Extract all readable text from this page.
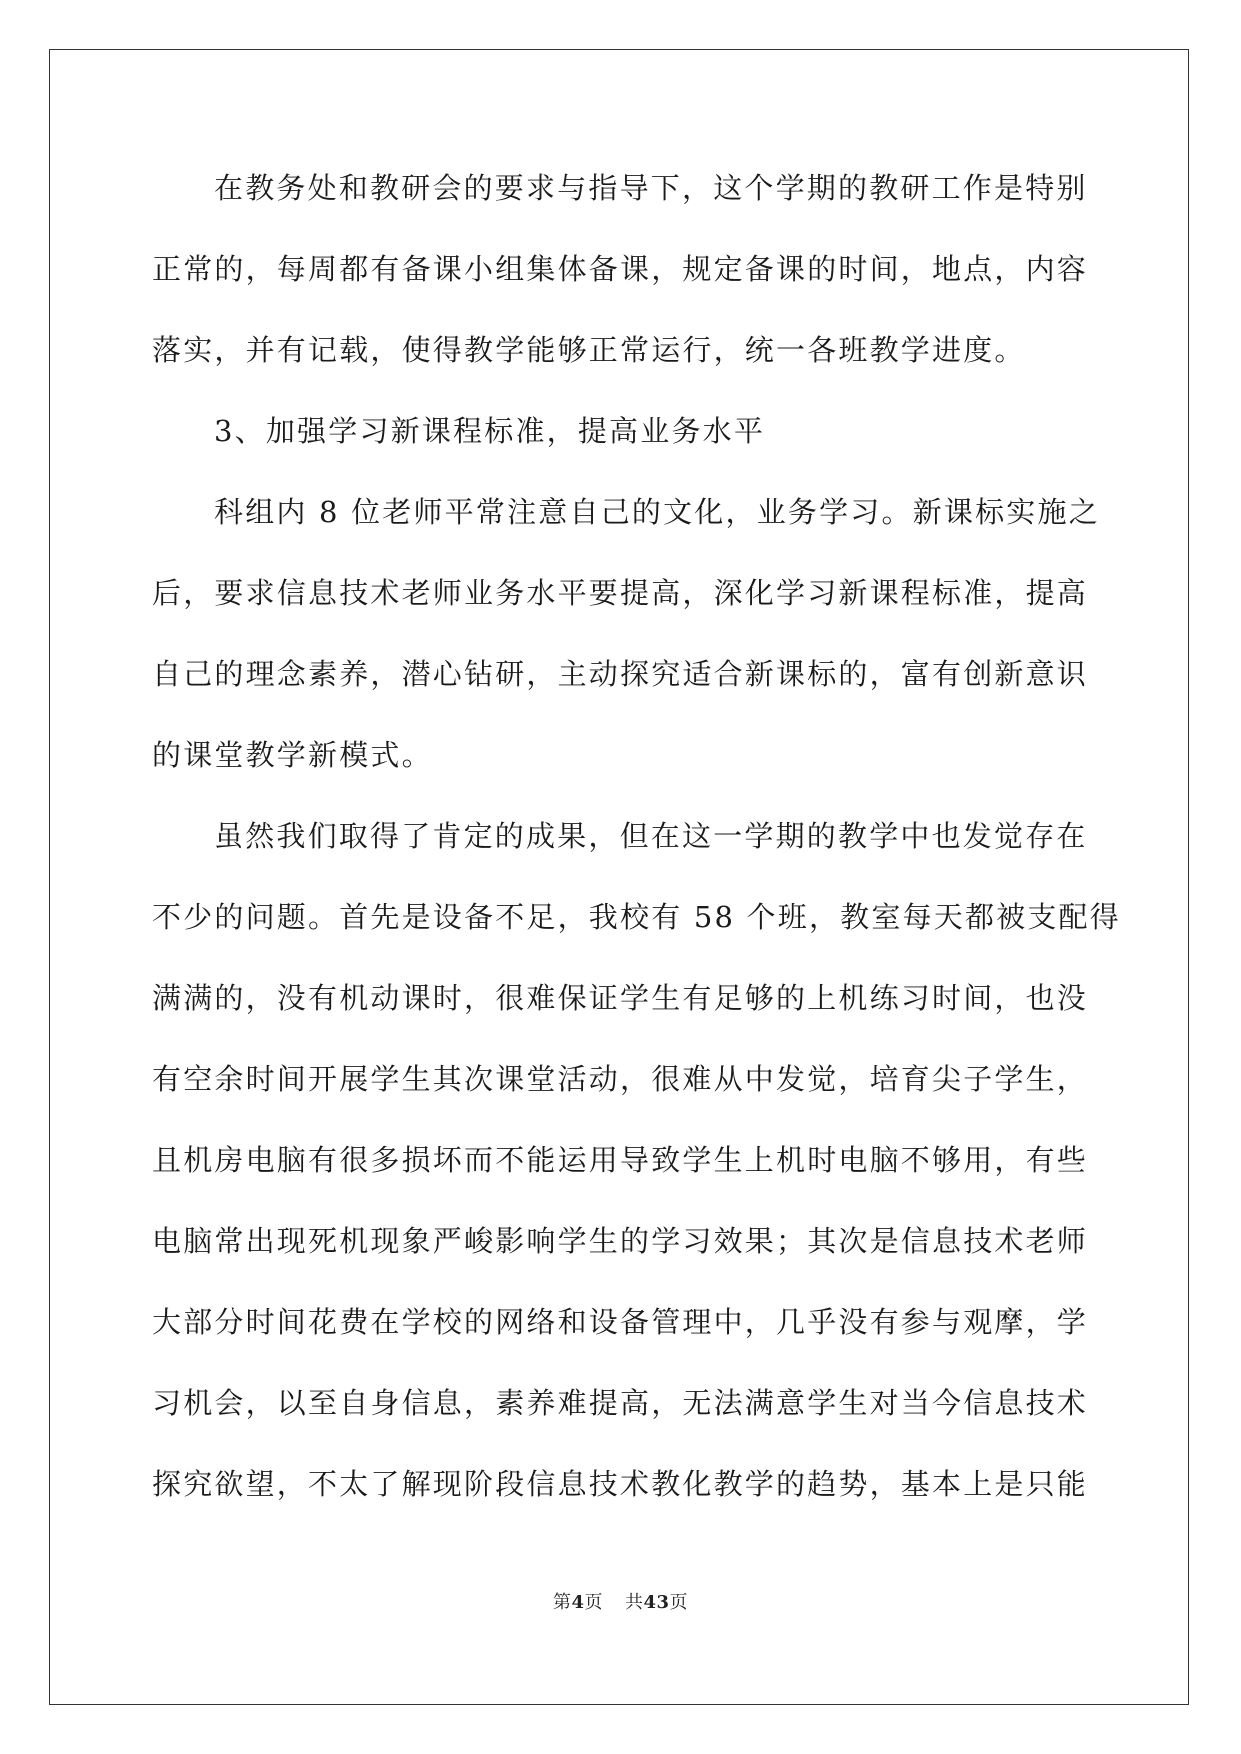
在教务处和教研会的要求与指导下，这个学期的教研工作是特别
正常的，每周都有备课小组集体备课，规定备课的时间，地点，内容
落实，并有记载，使得教学能够正常运行，统一各班教学进度。
3、加强学习新课程标准，提高业务水平
科组内 8 位老师平常注意自己的文化，业务学习。新课标实施之
后，要求信息技术老师业务水平要提高，深化学习新课程标准，提高
自己的理念素养，潜心钻研，主动探究适合新课标的，富有创新意识
的课堂教学新模式。
虽然我们取得了肯定的成果，但在这一学期的教学中也发觉存在
不少的问题。首先是设备不足，我校有 58 个班，教室每天都被支配得
满满的，没有机动课时，很难保证学生有足够的上机练习时间，也没
有空余时间开展学生其次课堂活动，很难从中发觉，培育尖子学生，
且机房电脑有很多损坏而不能运用导致学生上机时电脑不够用，有些
电脑常出现死机现象严峻影响学生的学习效果；其次是信息技术老师
大部分时间花费在学校的网络和设备管理中，几乎没有参与观摩，学
习机会，以至自身信息，素养难提高，无法满意学生对当今信息技术
探究欲望，不太了解现阶段信息技术教化教学的趋势，基本上是只能
第4页 共43页
